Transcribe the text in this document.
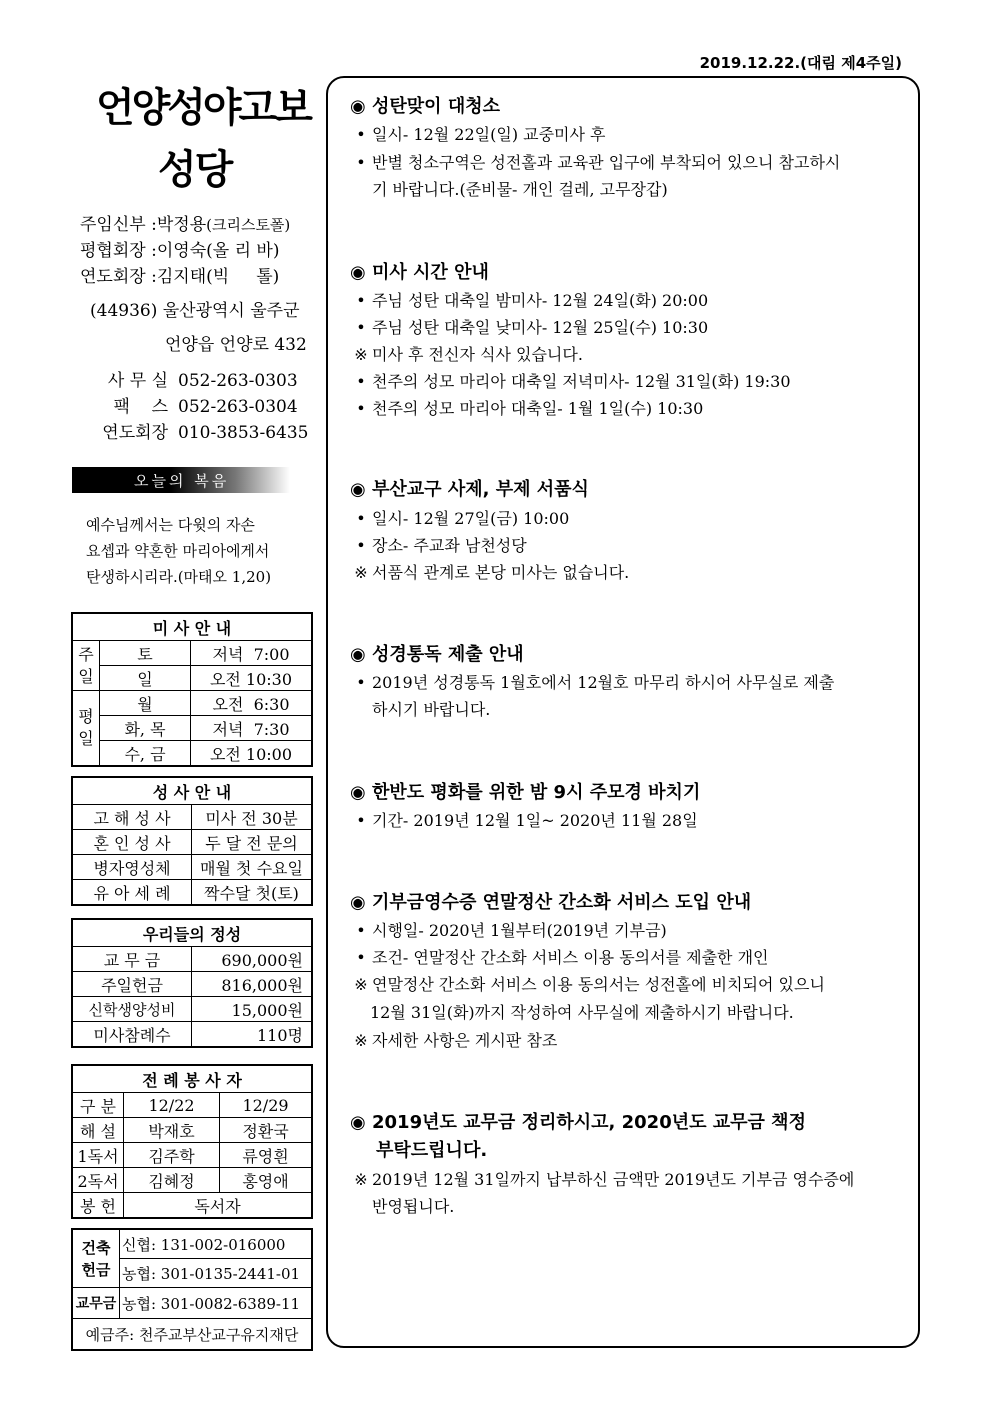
2019.12.22.(대림 제4주일)
언양성야고보
성당
주임신부 :박정용(크리스토폴)
평협회장 :이영숙(올 리 바)
연도회장 :김지태(빅     톨)
(44936) 울산광역시 울주군
언양읍 언양로 432
사 무 실 052-263-0303
팩    스 052-263-0304
연도회장 010-3853-6435
오늘의 복음
예수님께서는 다윗의 자손
요셉과 약혼한 마리아에게서
탄생하시리라.(마태오 1,20)
미 사 안 내		
주일	토	저녁  7:00
	일	오전 10:30
평일	월	오전  6:30
	화, 목	저녁  7:30
	수, 금	오전 10:00
성 사 안 내	
고 해 성 사	미사 전 30분
혼 인 성 사	두 달 전 문의
병자영성체	매월 첫 수요일
유 아 세 례	짝수달 첫(토)
우리들의 정성	
교 무 금	690,000원
주일헌금	816,000원
신학생양성비	15,000원
미사참례수	110명
전 례 봉 사 자		
구 분	12/22	12/29
해 설	박재호	정환국
1독서	김주학	류영흰
2독서	김혜정	홍영애
봉 헌	독서자	
건축
헌금	신협: 131-002-016000
	농협: 301-0135-2441-01
교무금	농협: 301-0082-6389-11
예금주: 천주교부산교구유지재단	
◉ 성탄맞이 대청소
• 일시- 12월 22일(일) 교중미사 후
• 반별 청소구역은 성전홀과 교육관 입구에 부착되어 있으니 참고하시
기 바랍니다.(준비물- 개인 걸레, 고무장갑)
◉ 미사 시간 안내
• 주님 성탄 대축일 밤미사- 12월 24일(화) 20:00
• 주님 성탄 대축일 낮미사- 12월 25일(수) 10:30
※ 미사 후 전신자 식사 있습니다.
• 천주의 성모 마리아 대축일 저녁미사- 12월 31일(화) 19:30
• 천주의 성모 마리아 대축일- 1월 1일(수) 10:30
◉ 부산교구 사제, 부제 서품식
• 일시- 12월 27일(금) 10:00
• 장소- 주교좌 남천성당
※ 서품식 관계로 본당 미사는 없습니다.
◉ 성경통독 제출 안내
• 2019년 성경통독 1월호에서 12월호 마무리 하시어 사무실로 제출
하시기 바랍니다.
◉ 한반도 평화를 위한 밤 9시 주모경 바치기
• 기간- 2019년 12월 1일~ 2020년 11월 28일
◉ 기부금영수증 연말정산 간소화 서비스 도입 안내
• 시행일- 2020년 1월부터(2019년 기부금)
• 조건- 연말정산 간소화 서비스 이용 동의서를 제출한 개인
※ 연말정산 간소화 서비스 이용 동의서는 성전홀에 비치되어 있으니
12월 31일(화)까지 작성하여 사무실에 제출하시기 바랍니다.
※ 자세한 사항은 게시판 참조
◉ 2019년도 교무금 정리하시고, 2020년도 교무금 책정
부탁드립니다.
※ 2019년 12월 31일까지 납부하신 금액만 2019년도 기부금 영수증에
반영됩니다.
